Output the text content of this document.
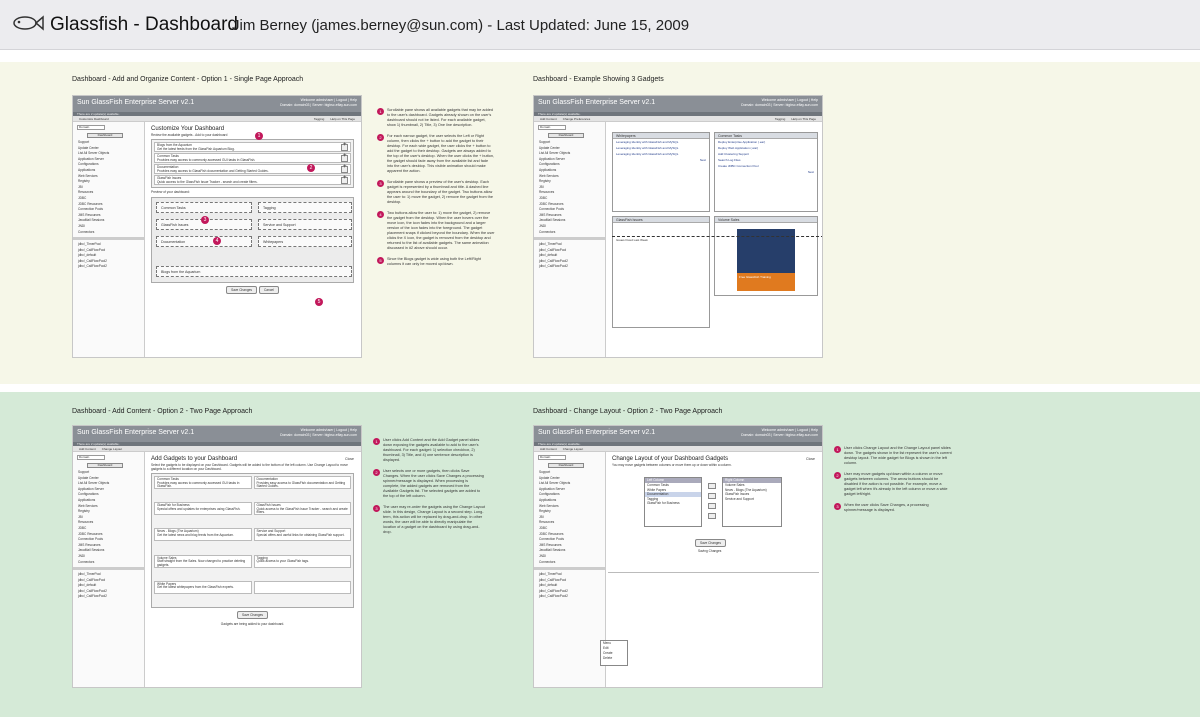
Glassfish - Dashboard
Jim Berney (james.berney@sun.com) - Last Updated: June 15, 2009
Dashboard - Add and Organize Content - Option 1 - Single Page Approach	Dashboard - Example Showing 3 Gadgets
Dashboard - Add Content - Option 2 - Two Page Approach	Dashboard - Change Layout - Option 2 - Two Page Approach
Sun GlassFish Enterprise Server v2.1	Welcome admin/user | Logout | Help
Domain: domain03 | Server: bigbsc.eflay.sun.com
There are 2 update(s) available.
Customize Dashboard	Help on This Page
Tagging
Domain
Dashboard
Support
Update Center
List All Server Objects
Application Server
Configurations
Applications
Web Services
Registry
JBI
Resources
JDBC
JDBC Resources
Connection Pools
JMS Resources
JavaMail Sessions
JNDI
Connectors
jdbc/_TimerPool
jdbc/_CallFlowPool
jdbc/_default
jdbc/_CallFlowPool2
jdbc/_CallFlowPool2
Customize Your Dashboard
Review the available gadgets - Add to your dashboard
Blogs from the Aquarium
Get the latest feeds from the GlassFish Aquarium Blog.
+
Common Tasks
Provides easy access to commonly accessed GUI tasks in GlassFish.
+
Documentation
Provides easy access to GlassFish documentation and Getting Started Guides.
+
GlassFish Issues
Quick access to the GlassFish Issue Tracker - search and create filters.
+
Preview of your dashboard:
Common Tasks	Tagging
GlassFish Issues	Service and Support
Documentation	Whitepapers
Blogs from the Aquarium
Save Changes	Cancel
1
2
3
4
5
1	Scrollable pane shows all available gadgets that may be added to the user's dashboard. Gadgets already shown on the user's dashboard should not be listed. For each available gadget, show 1) thumbnail, 2) Title, 3) One line description.
2	For each narrow gadget, the user selects the Left or Right column, then clicks the + button to add the gadget to their desktop. For each wide gadget, the user clicks the + button to add the gadget to their desktop. Gadgets are always added to the top of the user's desktop. When the user clicks the + button, the gadget should fade away from the available list and fade into the user's desktop. This visible animation should make apparent the action.
3	Scrollable pane shows a preview of the user's desktop. Each gadget is represented by a thumbnail and title. A dashed line appears around the boundary of the gadget. Two buttons allow the user to: 1) move the gadget, 2) remove the gadget from the desktop.
4	Two buttons allow the user to: 1) move the gadget, 2) remove the gadget from the desktop. When the user hovers over the move icon, the icon fades into the background and a larger version of the icon fades into the foreground. The gadget placement snaps if clicked beyond the boundary. When the user clicks the X icon, the gadget is removed from the desktop and returned to the list of available gadgets. The same animation discussed in #2 above should occur.
5	Since the Blogs gadget is wide using both the Left/Right columns it can only be moved up/down.
Sun GlassFish Enterprise Server v2.1	Welcome admin/user | Logout | Help
Domain: domain03 | Server: bigbsc.eflay.sun.com
There are 2 update(s) available.
Add Content Change Preferences	Help on This Page
Tagging
Domain
Dashboard
Support
Update Center
List All Server Objects
Application Server
Configurations
Applications
Web Services
Registry
JBI
Resources
JDBC
JDBC Resources
Connection Pools
JMS Resources
JavaMail Sessions
JNDI
Connectors
jdbc/_TimerPool
jdbc/_CallFlowPool
jdbc/_default
jdbc/_CallFlowPool2
jdbc/_CallFlowPool2
Whitepapers
Leveraging Identity with GlassFish and MySQL
Leveraging Identity with GlassFish and MySQL
Leveraging Identity with GlassFish and MySQL
Next
Common Tasks
Deploy Enterprise Application (.ear)
Deploy Web Application (.war)
Add Clustering Support
Search Log Files
Create JDBC Connection Pool
Next
GlassFish Issues
Issues Fixed Last Week
Volume Sales
Free GlassFish Training
Sun GlassFish Enterprise Server v2.1	Welcome admin/user | Logout | Help
Domain: domain03 | Server: bigbsc.eflay.sun.com
There are 2 update(s) available.
Add Content Change Layout
Domain
Dashboard
Support
Update Center
List All Server Objects
Application Server
Configurations
Applications
Web Services
Registry
JBI
Resources
JDBC
JDBC Resources
Connection Pools
JMS Resources
JavaMail Sessions
JNDI
Connectors
jdbc/_TimerPool
jdbc/_CallFlowPool
jdbc/_default
jdbc/_CallFlowPool2
jdbc/_CallFlowPool2
Add Gadgets to your Dashboard	Close
Select the gadgets to be displayed on your Dashboard. Gadgets will be added to the bottom of the left column. Use Change Layout to move gadgets to a different location on your Dashboard.
Common Tasks
Provides easy access to commonly accessed GUI tasks in GlassFish.
Documentation
Provides easy access to GlassFish documentation and Getting Started Guides.
GlassFish for Business
Special offers and updates for enterprises using GlassFish.
GlassFish Issues
Quick access to the GlassFish Issue Tracker - search and create filters.
News - Blogs (The Aquarium)
Get the latest news and blog feeds from the Aquarium.
Service and Support
Special offers and useful links for obtaining GlassFish support.
Volume Sales
Staff straight from the Sales. Now changed to practice deleting gadgets.
Tagging
Quick access to your GlassFish tags.
White Papers
Get the latest whitepapers from the GlassFish experts.
Save Changes
Gadgets are being added to your dashboard.
1	User clicks Add Content and the Add Gadget panel slides down exposing the gadgets available to add to the user's dashboard. For each gadget: 1) selection checkbox, 2) thumbnail, 3) Title, and 4) one sentence description is displayed.
2	User selects one or more gadgets, then clicks Save Changes. When the user clicks Save Changes a processing spinner/message is displayed. When processing is complete, the added gadgets are removed from the Available Gadgets list. The selected gadgets are added to the top of the left column.
3	The user may re-order the gadgets using the Change Layout slide. In this design, Change Layout is a second step. Long-term, this action will be replaced by drag-and-drop. In other words, the user will be able to directly manipulate the location of a gadget on the dashboard by using drag-and-drop.
Sun GlassFish Enterprise Server v2.1	Welcome admin/user | Logout | Help
Domain: domain03 | Server: bigbsc.eflay.sun.com
There are 2 update(s) available.
Add Content Change Layout
Domain
Dashboard
Support
Update Center
List All Server Objects
Application Server
Configurations
Applications
Web Services
Registry
JBI
Resources
JDBC
JDBC Resources
Connection Pools
JMS Resources
JavaMail Sessions
JNDI
Connectors
jdbc/_TimerPool
jdbc/_CallFlowPool
jdbc/_default
jdbc/_CallFlowPool2
jdbc/_CallFlowPool2
Change Layout of your Dashboard Gadgets	Close
You may move gadgets between columns or move them up or down within a column.
Left Column
Common Tasks
White Papers
Documentation
Tagging
GlassFish for Business
Right Column
Volume Sales
News - Blogs (The Aquarium)
GlassFish Issues
Service and Support
Save Changes
Saving Changes
Menu
Edit
Create
Delete
1	User clicks Change Layout and the Change Layout panel slides down. The gadgets shown in the list represent the user's current desktop layout. The wide gadget for Blogs is shown in the left column.
2	User may move gadgets up/down within a column or move gadgets between columns. The arrow buttons should be disabled if the action is not possible. For example, move a gadget left when it's already in the left column or move a wide gadget left/right.
3	When the user clicks Save Changes, a processing spinner/message is displayed.
